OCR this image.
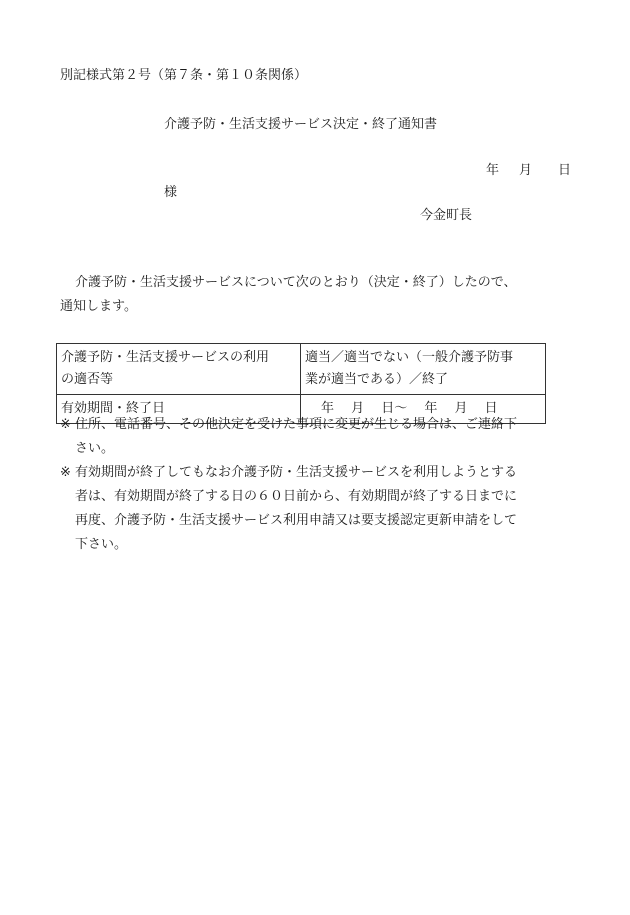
別記様式第２号（第７条・第１０条関係）
介護予防・生活支援サービス決定・終了通知書
年 月 日
様
今金町長
介護予防・生活支援サービスについて次のとおり（決定・終了）したので、
通知します。
介護予防・生活支援サービスの利用
の適否等	適当／適当でない（一般介護予防事
業が適当である）／終了

有効期間・終了日	年　 月　 日～　 年　 月　 日
※ 住所、電話番号、その他決定を受けた事項に変更が生じる場合は、ご連絡下
さい。
※ 有効期間が終了してもなお介護予防・生活支援サービスを利用しようとする
者は、有効期間が終了する日の６０日前から、有効期間が終了する日までに
再度、介護予防・生活支援サービス利用申請又は要支援認定更新申請をして
下さい。
